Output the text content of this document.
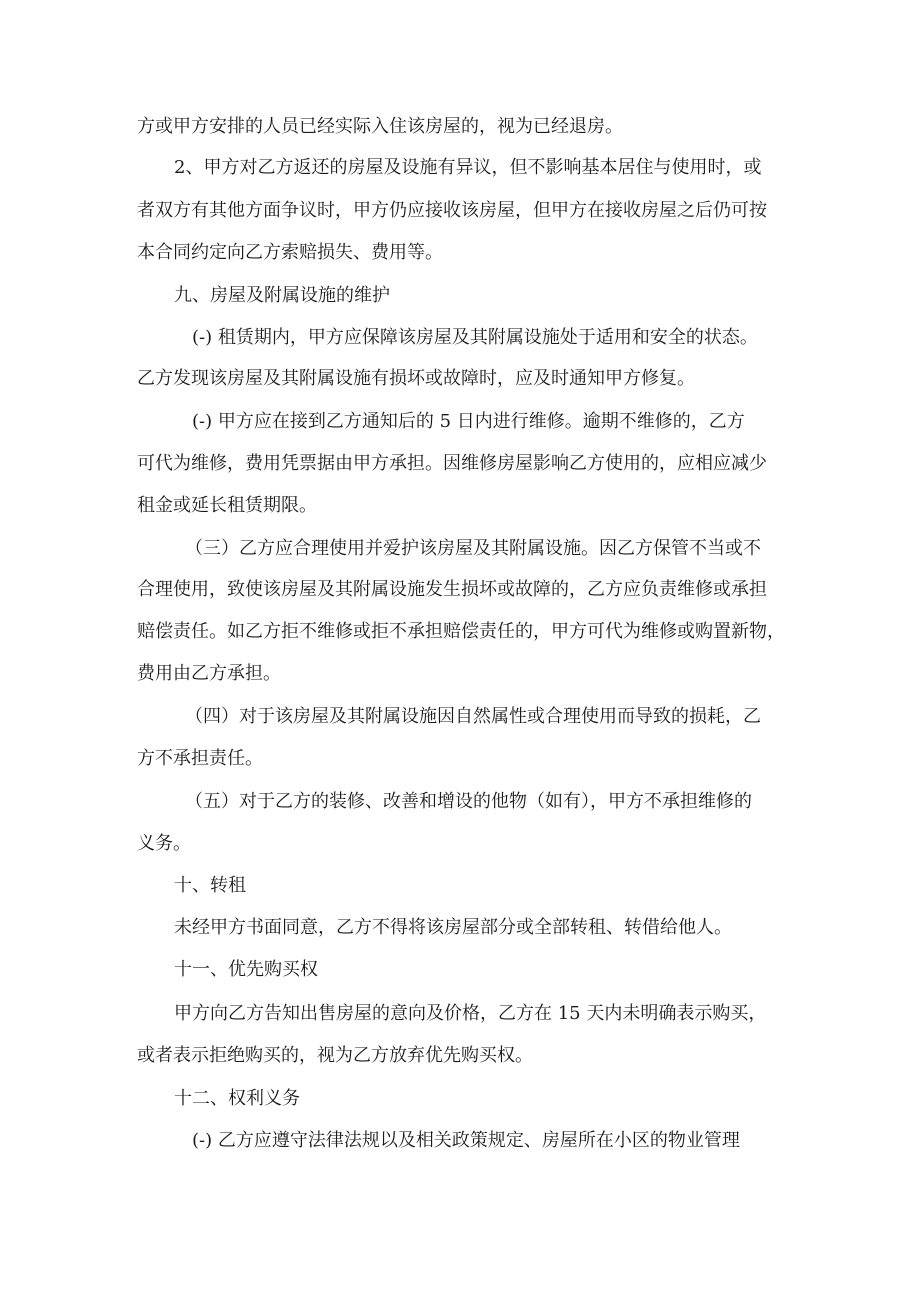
方或甲方安排的人员已经实际入住该房屋的，视为已经退房。
2、甲方对乙方返还的房屋及设施有异议，但不影响基本居住与使用时，或
者双方有其他方面争议时，甲方仍应接收该房屋，但甲方在接收房屋之后仍可按
本合同约定向乙方索赔损失、费用等。
九、房屋及附属设施的维护
(-) 租赁期内，甲方应保障该房屋及其附属设施处于适用和安全的状态。
乙方发现该房屋及其附属设施有损坏或故障时，应及时通知甲方修复。
(-) 甲方应在接到乙方通知后的 5 日内进行维修。逾期不维修的，乙方
可代为维修，费用凭票据由甲方承担。因维修房屋影响乙方使用的，应相应减少
租金或延长租赁期限。
（三）乙方应合理使用并爱护该房屋及其附属设施。因乙方保管不当或不
合理使用，致使该房屋及其附属设施发生损坏或故障的，乙方应负责维修或承担
赔偿责任。如乙方拒不维修或拒不承担赔偿责任的，甲方可代为维修或购置新物，
费用由乙方承担。
（四）对于该房屋及其附属设施因自然属性或合理使用而导致的损耗，乙
方不承担责任。
（五）对于乙方的装修、改善和增设的他物（如有），甲方不承担维修的
义务。
十、转租
未经甲方书面同意，乙方不得将该房屋部分或全部转租、转借给他人。
十一、优先购买权
甲方向乙方告知出售房屋的意向及价格，乙方在 15 天内未明确表示购买，
或者表示拒绝购买的，视为乙方放弃优先购买权。
十二、权利义务
(-) 乙方应遵守法律法规以及相关政策规定、房屋所在小区的物业管理
